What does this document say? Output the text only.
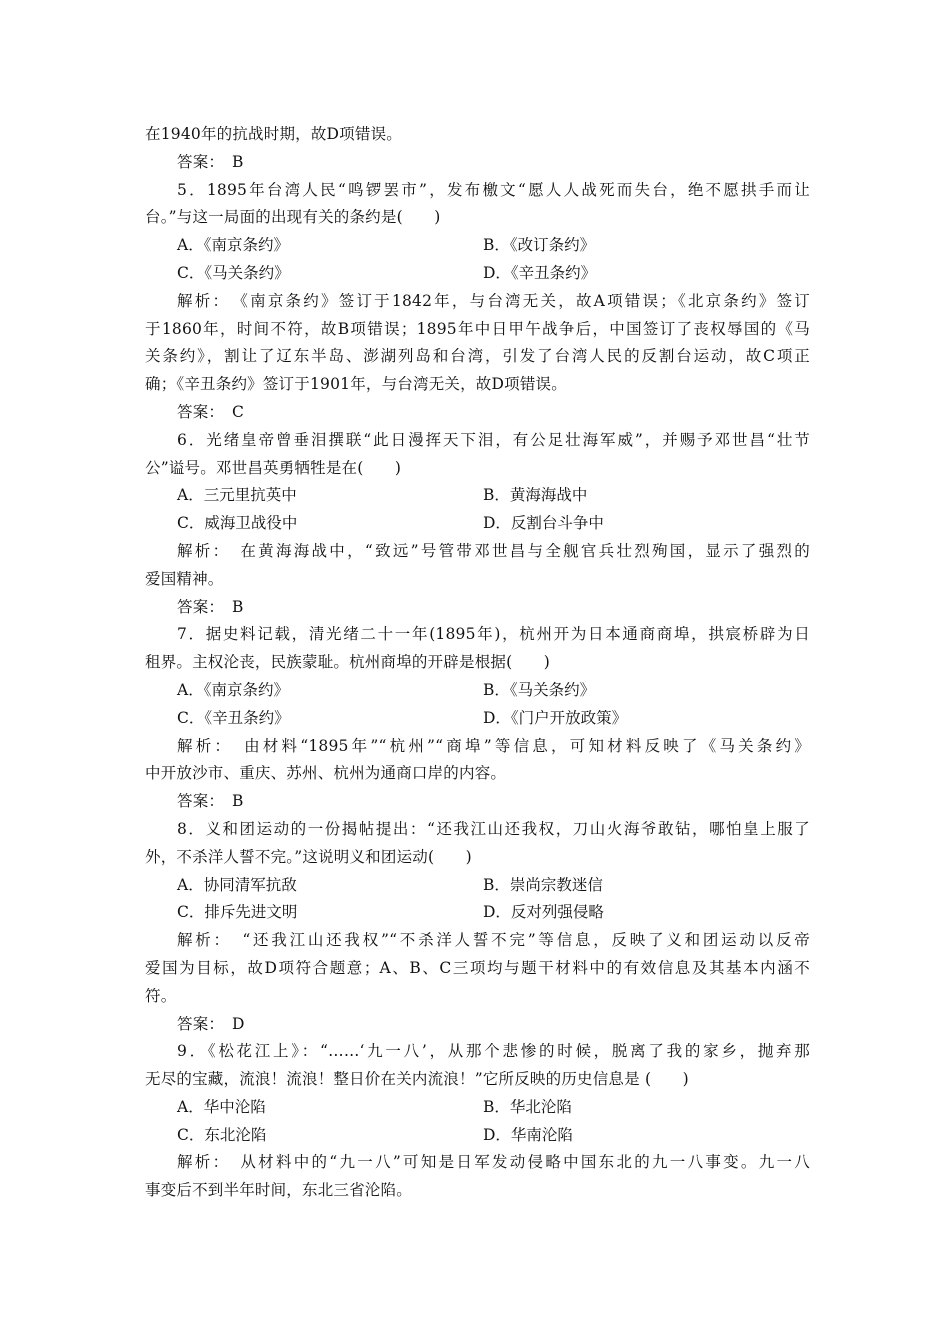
在1940年的抗战时期，故D项错误。
答案：　B
5．1895年台湾人民“鸣锣罢市”，发布檄文“愿人人战死而失台，绝不愿拱手而让
台。”与这一局面的出现有关的条约是(　　)
A．《南京条约》	B．《改订条约》
C．《马关条约》	D．《辛丑条约》
解析：　《南京条约》签订于1842年，与台湾无关，故A项错误；《北京条约》签订
于1860年，时间不符，故B项错误；1895年中日甲午战争后，中国签订了丧权辱国的《马
关条约》，割让了辽东半岛、澎湖列岛和台湾，引发了台湾人民的反割台运动，故C项正
确；《辛丑条约》签订于1901年，与台湾无关，故D项错误。
答案：　C
6．光绪皇帝曾垂泪撰联“此日漫挥天下泪，有公足壮海军威”，并赐予邓世昌“壮节
公”谥号。邓世昌英勇牺牲是在(　　)
A．三元里抗英中	B．黄海海战中
C．威海卫战役中	D．反割台斗争中
解析：　在黄海海战中，“致远”号管带邓世昌与全舰官兵壮烈殉国，显示了强烈的
爱国精神。
答案：　B
7．据史料记载，清光绪二十一年(1895年)，杭州开为日本通商商埠，拱宸桥辟为日
租界。主权沦丧，民族蒙耻。杭州商埠的开辟是根据(　　)
A．《南京条约》	B．《马关条约》
C．《辛丑条约》	D．《门户开放政策》
解析：　由材料“1895年”“杭州”“商埠”等信息，可知材料反映了《马关条约》
中开放沙市、重庆、苏州、杭州为通商口岸的内容。
答案：　B
8．义和团运动的一份揭帖提出：“还我江山还我权，刀山火海爷敢钻，哪怕皇上服了
外，不杀洋人誓不完。”这说明义和团运动(　　)
A．协同清军抗敌	B．崇尚宗教迷信
C．排斥先进文明	D．反对列强侵略
解析：　“还我江山还我权”“不杀洋人誓不完”等信息，反映了义和团运动以反帝
爱国为目标，故D项符合题意；A、B、C三项均与题干材料中的有效信息及其基本内涵不
符。
答案：　D
9．《松花江上》：“……‘九一八’，从那个悲惨的时候，脱离了我的家乡，抛弃那
无尽的宝藏，流浪！流浪！整日价在关内流浪！”它所反映的历史信息是 (　　)
A．华中沦陷	B．华北沦陷
C．东北沦陷	D．华南沦陷
解析：　从材料中的“九一八”可知是日军发动侵略中国东北的九一八事变。九一八
事变后不到半年时间，东北三省沦陷。
